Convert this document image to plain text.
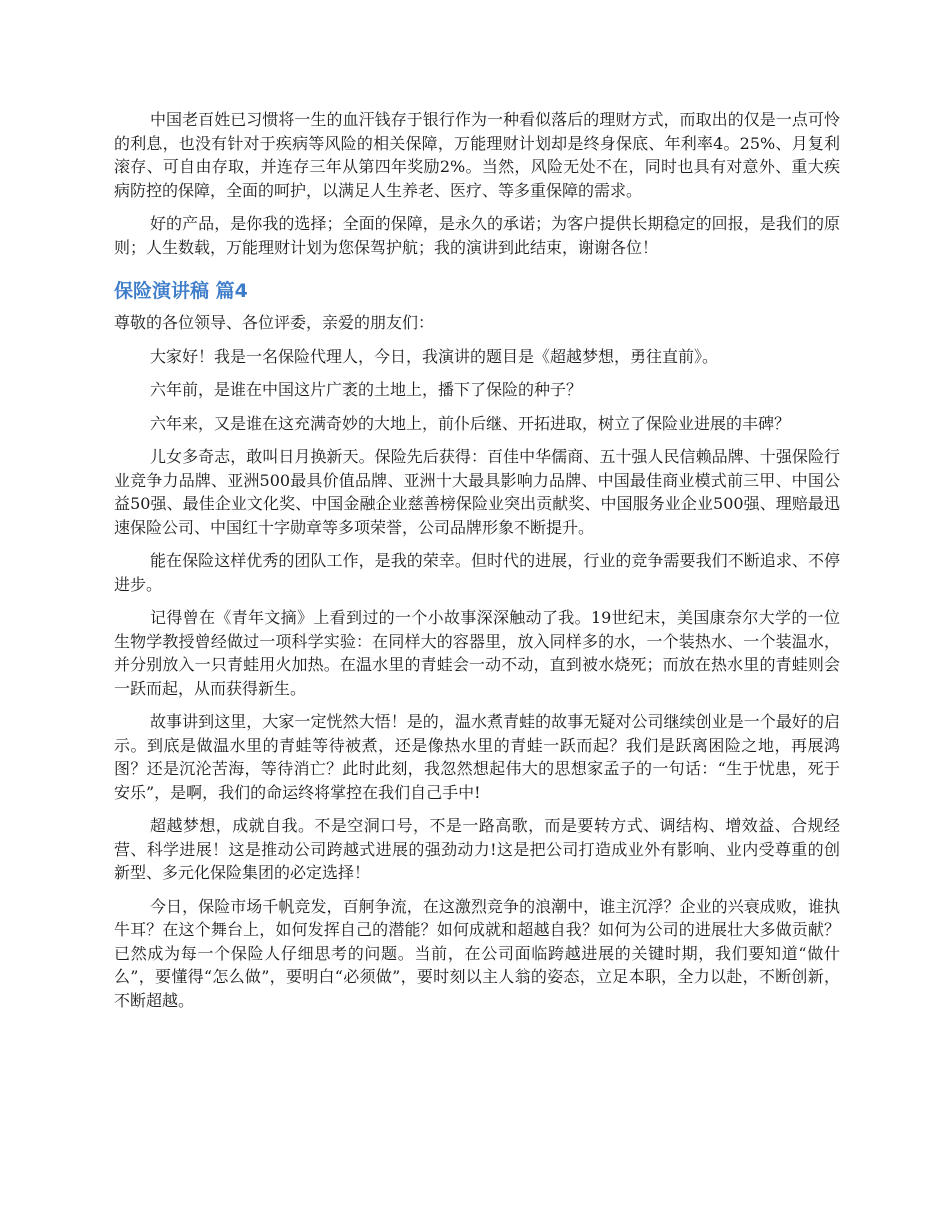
中国老百姓已习惯将一生的血汗钱存于银行作为一种看似落后的理财方式，而取出的仅是一点可怜的利息，也没有针对于疾病等风险的相关保障，万能理财计划却是终身保底、年利率4。25%、月复利滚存、可自由存取，并连存三年从第四年奖励2%。当然，风险无处不在，同时也具有对意外、重大疾病防控的保障，全面的呵护，以满足人生养老、医疗、等多重保障的需求。

好的产品，是你我的选择；全面的保障，是永久的承诺；为客户提供长期稳定的回报，是我们的原则；人生数载，万能理财计划为您保驾护航；我的演讲到此结束，谢谢各位！

保险演讲稿 篇4

尊敬的各位领导、各位评委，亲爱的朋友们：

大家好！我是一名保险代理人，今日，我演讲的题目是《超越梦想，勇往直前》。

六年前，是谁在中国这片广袤的土地上，播下了保险的种子？

六年来，又是谁在这充满奇妙的大地上，前仆后继、开拓进取，树立了保险业进展的丰碑？

儿女多奇志，敢叫日月换新天。保险先后获得：百佳中华儒商、五十强人民信赖品牌、十强保险行业竞争力品牌、亚洲500最具价值品牌、亚洲十大最具影响力品牌、中国最佳商业模式前三甲、中国公益50强、最佳企业文化奖、中国金融企业慈善榜保险业突出贡献奖、中国服务业企业500强、理赔最迅速保险公司、中国红十字勋章等多项荣誉，公司品牌形象不断提升。

能在保险这样优秀的团队工作，是我的荣幸。但时代的进展，行业的竞争需要我们不断追求、不停进步。

记得曾在《青年文摘》上看到过的一个小故事深深触动了我。19世纪末，美国康奈尔大学的一位生物学教授曾经做过一项科学实验：在同样大的容器里，放入同样多的水，一个装热水、一个装温水，并分别放入一只青蛙用火加热。在温水里的青蛙会一动不动，直到被水烧死；而放在热水里的青蛙则会一跃而起，从而获得新生。

故事讲到这里，大家一定恍然大悟！是的，温水煮青蛙的故事无疑对公司继续创业是一个最好的启示。到底是做温水里的青蛙等待被煮，还是像热水里的青蛙一跃而起？我们是跃离困险之地，再展鸿图？还是沉沦苦海，等待消亡？此时此刻，我忽然想起伟大的思想家孟子的一句话：“生于忧患，死于安乐”，是啊，我们的命运终将掌控在我们自己手中!

超越梦想，成就自我。不是空洞口号，不是一路高歌，而是要转方式、调结构、增效益、合规经营、科学进展！这是推动公司跨越式进展的强劲动力!这是把公司打造成业外有影响、业内受尊重的创新型、多元化保险集团的必定选择！

今日，保险市场千帆竞发，百舸争流，在这激烈竞争的浪潮中，谁主沉浮？企业的兴衰成败，谁执牛耳？在这个舞台上，如何发挥自己的潜能？如何成就和超越自我？如何为公司的进展壮大多做贡献？已然成为每一个保险人仔细思考的问题。当前，在公司面临跨越进展的关键时期，我们要知道“做什么”，要懂得“怎么做”，要明白“必须做”，要时刻以主人翁的姿态，立足本职，全力以赴，不断创新，不断超越。
